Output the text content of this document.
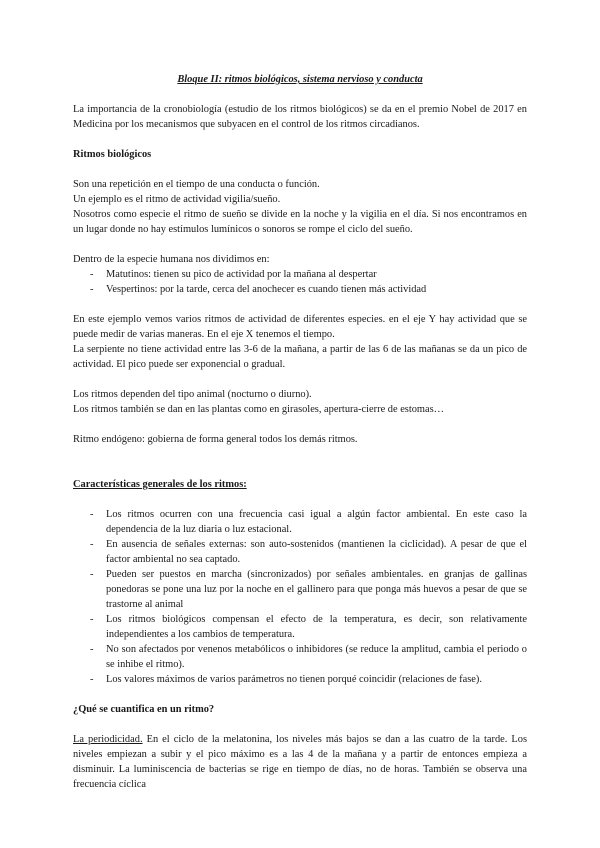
Bloque II: ritmos biológicos, sistema nervioso y conducta

La importancia de la cronobiología (estudio de los ritmos biológicos) se da en el premio Nobel de 2017 en Medicina por los mecanismos que subyacen en el control de los ritmos circadianos.

Ritmos biológicos

Son una repetición en el tiempo de una conducta o función.

Un ejemplo es el ritmo de actividad vigilia/sueño.

Nosotros como especie el ritmo de sueño se divide en la noche y la vigilia en el día. Si nos encontramos en un lugar donde no hay estímulos lumínicos o sonoros se rompe el ciclo del sueño.

Dentro de la especie humana nos dividimos en:

- Matutinos: tienen su pico de actividad por la mañana al despertar
- Vespertinos: por la tarde, cerca del anochecer es cuando tienen más actividad

En este ejemplo vemos varios ritmos de actividad de diferentes especies. en el eje Y hay actividad que se puede medir de varias maneras. En el eje X tenemos el tiempo.

La serpiente no tiene actividad entre las 3-6 de la mañana, a partir de las 6 de las mañanas se da un pico de actividad. El pico puede ser exponencial o gradual.

Los ritmos dependen del tipo animal (nocturno o diurno).

Los ritmos también se dan en las plantas como en girasoles, apertura-cierre de estomas…

Ritmo endógeno: gobierna de forma general todos los demás ritmos.

Características generales de los ritmos:

- Los ritmos ocurren con una frecuencia casi igual a algún factor ambiental. En este caso la dependencia de la luz diaria o luz estacional.
- En ausencia de señales externas: son auto-sostenidos (mantienen la ciclicidad). A pesar de que el factor ambiental no sea captado.
- Pueden ser puestos en marcha (sincronizados) por señales ambientales. en granjas de gallinas ponedoras se pone una luz por la noche en el gallinero para que ponga más huevos a pesar de que se trastorne al animal
- Los ritmos biológicos compensan el efecto de la temperatura, es decir, son relativamente independientes a los cambios de temperatura.
- No son afectados por venenos metabólicos o inhibidores (se reduce la amplitud, cambia el periodo o se inhibe el ritmo).
- Los valores máximos de varios parámetros no tienen porqué coincidir (relaciones de fase).

¿Qué se cuantifica en un ritmo?

La periodicidad. En el ciclo de la melatonina, los niveles más bajos se dan a las cuatro de la tarde. Los niveles empiezan a subir y el pico máximo es a las 4 de la mañana y a partir de entonces empieza a disminuir. La luminiscencia de bacterias se rige en tiempo de días, no de horas. También se observa una frecuencia cíclica
